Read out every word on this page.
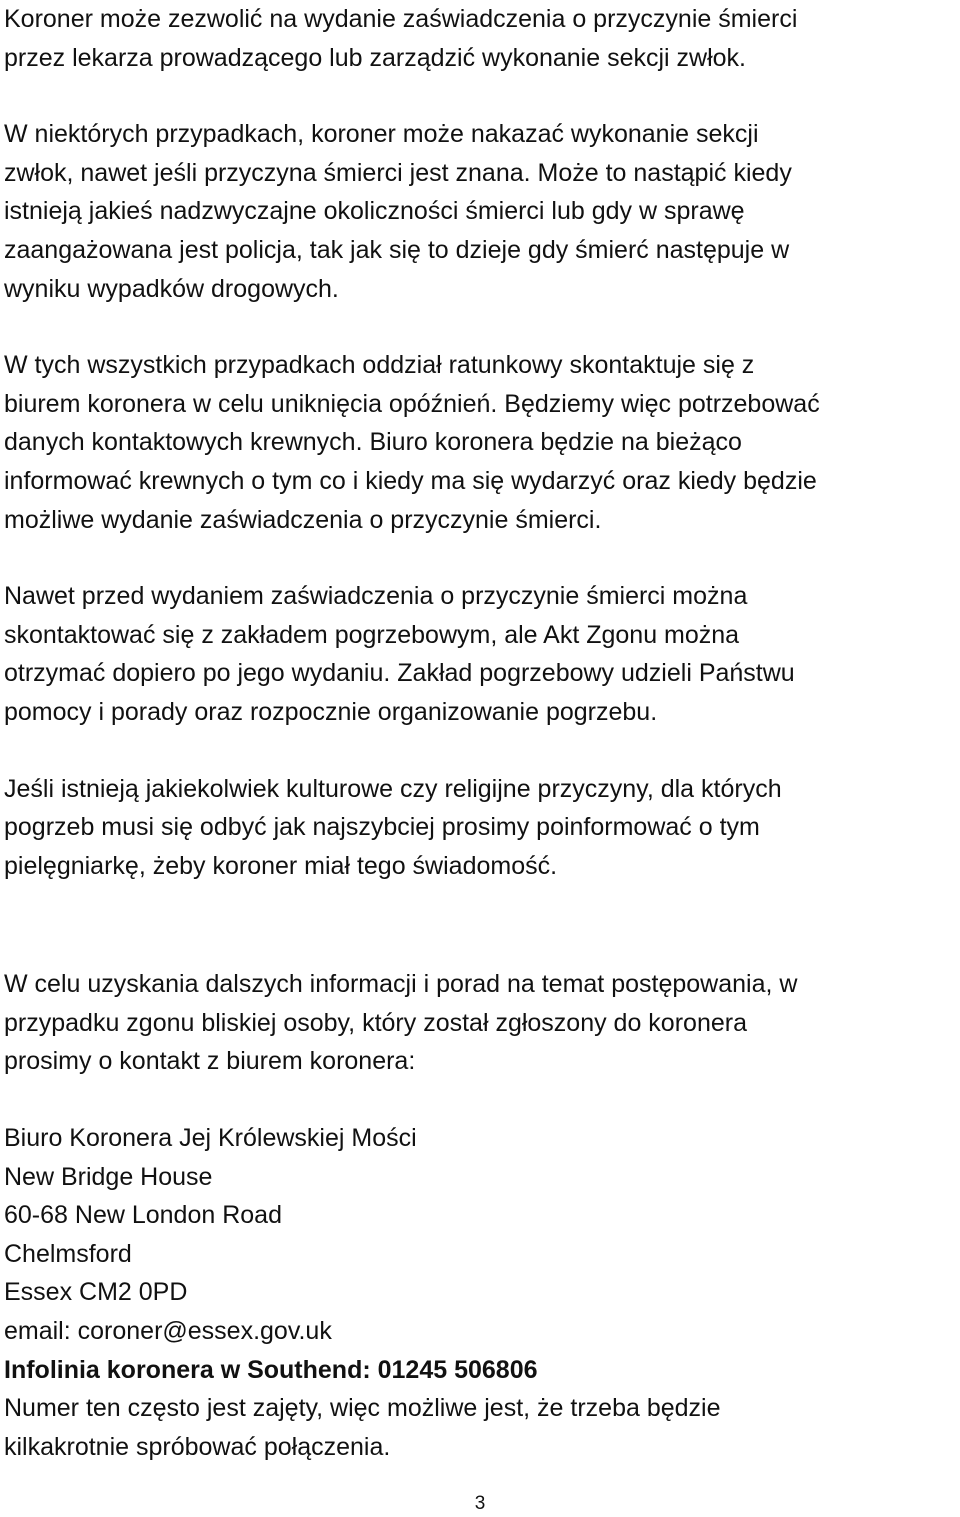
Koroner może zezwolić na wydanie zaświadczenia o przyczynie śmierci
przez lekarza prowadzącego lub zarządzić wykonanie sekcji zwłok.

W niektórych przypadkach, koroner może nakazać wykonanie sekcji
zwłok, nawet jeśli przyczyna śmierci jest znana. Może to nastąpić kiedy
istnieją jakieś nadzwyczajne okoliczności śmierci lub gdy w sprawę
zaangażowana jest policja, tak jak się to dzieje gdy śmierć następuje w
wyniku wypadków drogowych.

W tych wszystkich przypadkach oddział ratunkowy skontaktuje się z
biurem koronera w celu uniknięcia opóźnień. Będziemy więc potrzebować
danych kontaktowych krewnych. Biuro koronera będzie na bieżąco
informować krewnych o tym co i kiedy ma się wydarzyć oraz kiedy będzie
możliwe wydanie zaświadczenia o przyczynie śmierci.

Nawet przed wydaniem zaświadczenia o przyczynie śmierci można
skontaktować się z zakładem pogrzebowym, ale Akt Zgonu można
otrzymać dopiero po jego wydaniu. Zakład pogrzebowy udzieli Państwu
pomocy i porady oraz rozpocznie organizowanie pogrzebu.

Jeśli istnieją jakiekolwiek kulturowe czy religijne przyczyny, dla których
pogrzeb musi się odbyć jak najszybciej prosimy poinformować o tym
pielęgniarkę, żeby koroner miał tego świadomość.

W celu uzyskania dalszych informacji i porad na temat postępowania, w
przypadku zgonu bliskiej osoby, który został zgłoszony do koronera
prosimy o kontakt z biurem koronera:

Biuro Koronera Jej Królewskiej Mości
New Bridge House
60-68 New London Road
Chelmsford
Essex CM2 0PD
email: coroner@essex.gov.uk
Infolinia koronera w Southend: 01245 506806
Numer ten często jest zajęty, więc możliwe jest, że trzeba będzie
kilkakrotnie spróbować połączenia.

3
